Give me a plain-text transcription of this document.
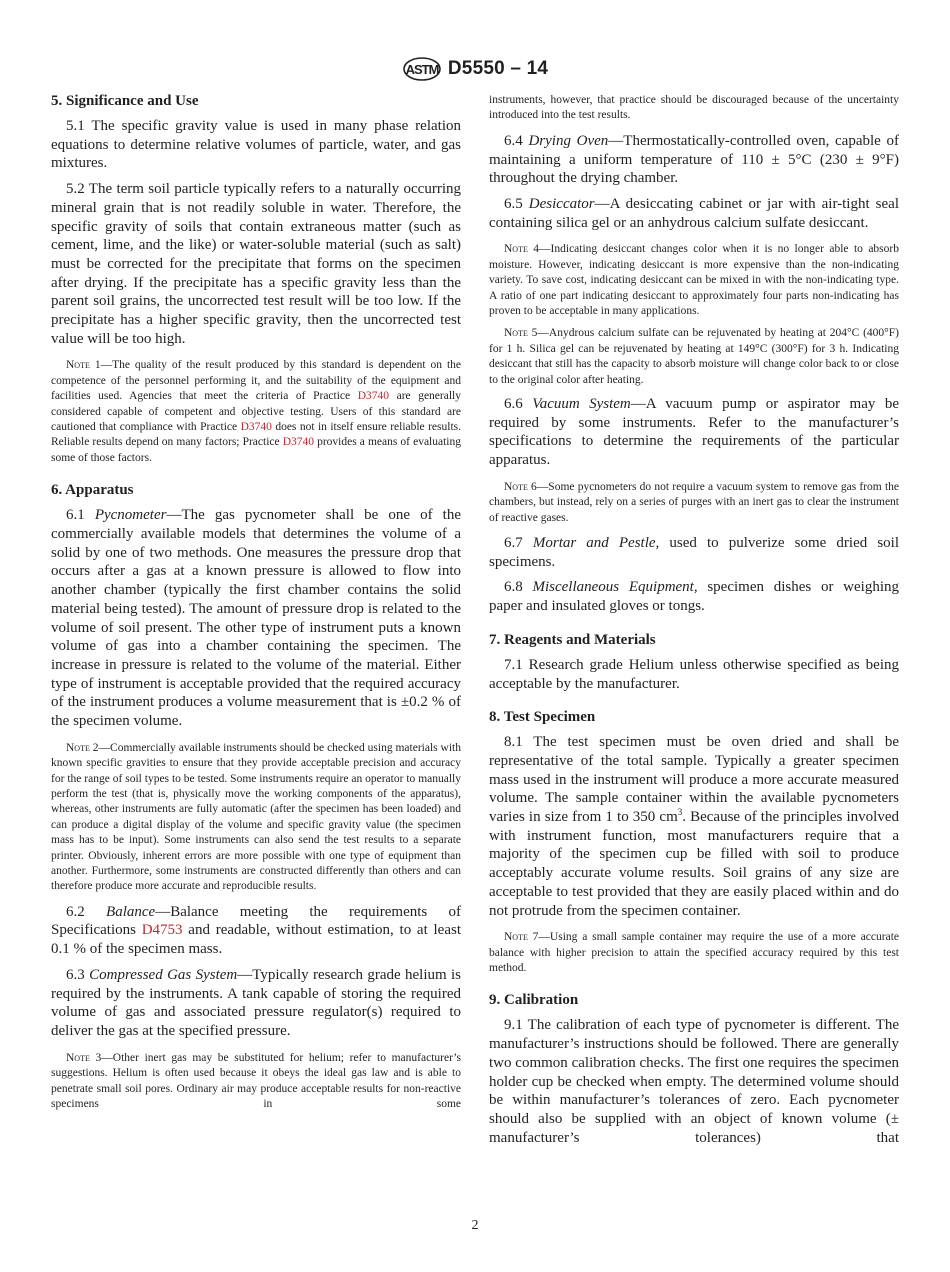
ASTM D5550 – 14
5. Significance and Use

5.1 The specific gravity value is used in many phase relation equations to determine relative volumes of particle, water, and gas mixtures.

5.2 The term soil particle typically refers to a naturally occurring mineral grain that is not readily soluble in water. Therefore, the specific gravity of soils that contain extraneous matter (such as cement, lime, and the like) or water-soluble material (such as salt) must be corrected for the precipitate that forms on the specimen after drying. If the precipitate has a specific gravity less than the parent soil grains, the uncorrected test result will be too low. If the precipitate has a higher specific gravity, then the uncorrected test value will be too high.

Note 1—The quality of the result produced by this standard is dependent on the competence of the personnel performing it, and the suitability of the equipment and facilities used. Agencies that meet the criteria of Practice D3740 are generally considered capable of competent and objective testing. Users of this standard are cautioned that compliance with Practice D3740 does not in itself ensure reliable results. Reliable results depend on many factors; Practice D3740 provides a means of evaluating some of those factors.

6. Apparatus

6.1 Pycnometer—The gas pycnometer shall be one of the commercially available models that determines the volume of a solid by one of two methods. One measures the pressure drop that occurs after a gas at a known pressure is allowed to flow into another chamber (typically the first chamber contains the solid material being tested). The amount of pressure drop is related to the volume of soil present. The other type of instrument puts a known volume of gas into a chamber containing the specimen. The increase in pressure is related to the volume of the material. Either type of instrument is acceptable provided that the required accuracy of the instrument produces a volume measurement that is ±0.2 % of the specimen volume.

Note 2—Commercially available instruments should be checked using materials with known specific gravities to ensure that they provide acceptable precision and accuracy for the range of soil types to be tested. Some instruments require an operator to manually perform the test (that is, physically move the working components of the apparatus), whereas, other instruments are fully automatic (after the specimen has been loaded) and can produce a digital display of the volume and specific gravity value (the specimen mass has to be input). Some instruments can also send the test results to a separate printer. Obviously, inherent errors are more possible with one type of equipment than another. Furthermore, some instruments are constructed differently than others and can therefore produce more accurate and reproducible results.

6.2 Balance—Balance meeting the requirements of Specifications D4753 and readable, without estimation, to at least 0.1 % of the specimen mass.

6.3 Compressed Gas System—Typically research grade helium is required by the instruments. A tank capable of storing the required volume of gas and associated pressure regulator(s) required to deliver the gas at the specified pressure.

Note 3—Other inert gas may be substituted for helium; refer to manufacturer’s suggestions. Helium is often used because it obeys the ideal gas law and is able to penetrate small soil pores. Ordinary air may produce acceptable results for non-reactive specimens in some

instruments, however, that practice should be discouraged because of the uncertainty introduced into the test results.

6.4 Drying Oven—Thermostatically-controlled oven, capable of maintaining a uniform temperature of 110 ± 5°C (230 ± 9°F) throughout the drying chamber.

6.5 Desiccator—A desiccating cabinet or jar with air-tight seal containing silica gel or an anhydrous calcium sulfate desiccant.

Note 4—Indicating desiccant changes color when it is no longer able to absorb moisture. However, indicating desiccant is more expensive than the non-indicating variety. To save cost, indicating desiccant can be mixed in with the non-indicating type. A ratio of one part indicating desiccant to approximately four parts non-indicating has proven to be acceptable in many applications.

Note 5—Anydrous calcium sulfate can be rejuvenated by heating at 204°C (400°F) for 1 h. Silica gel can be rejuvenated by heating at 149°C (300°F) for 3 h. Indicating desiccant that still has the capacity to absorb moisture will change color back to or close to the original color after heating.

6.6 Vacuum System—A vacuum pump or aspirator may be required by some instruments. Refer to the manufacturer’s specifications to determine the requirements of the particular apparatus.

Note 6—Some pycnometers do not require a vacuum system to remove gas from the chambers, but instead, rely on a series of purges with an inert gas to clear the instrument of reactive gases.

6.7 Mortar and Pestle, used to pulverize some dried soil specimens.

6.8 Miscellaneous Equipment, specimen dishes or weighing paper and insulated gloves or tongs.

7. Reagents and Materials

7.1 Research grade Helium unless otherwise specified as being acceptable by the manufacturer.

8. Test Specimen

8.1 The test specimen must be oven dried and shall be representative of the total sample. Typically a greater specimen mass used in the instrument will produce a more accurate measured volume. The sample container within the available pycnometers varies in size from 1 to 350 $cm^3$. Because of the principles involved with instrument function, most manufacturers require that a majority of the specimen cup be filled with soil to produce acceptably accurate volume results. Soil grains of any size are acceptable to test provided that they are easily placed within and do not protrude from the specimen container.

Note 7—Using a small sample container may require the use of a more accurate balance with higher precision to attain the specified accuracy required by this test method.

9. Calibration

9.1 The calibration of each type of pycnometer is different. The manufacturer’s instructions should be followed. There are generally two common calibration checks. The first one requires the specimen holder cup be checked when empty. The determined volume should be within manufacturer’s tolerances of zero. Each pycnometer should also be supplied with an object of known volume (± manufacturer’s tolerances) that

2
